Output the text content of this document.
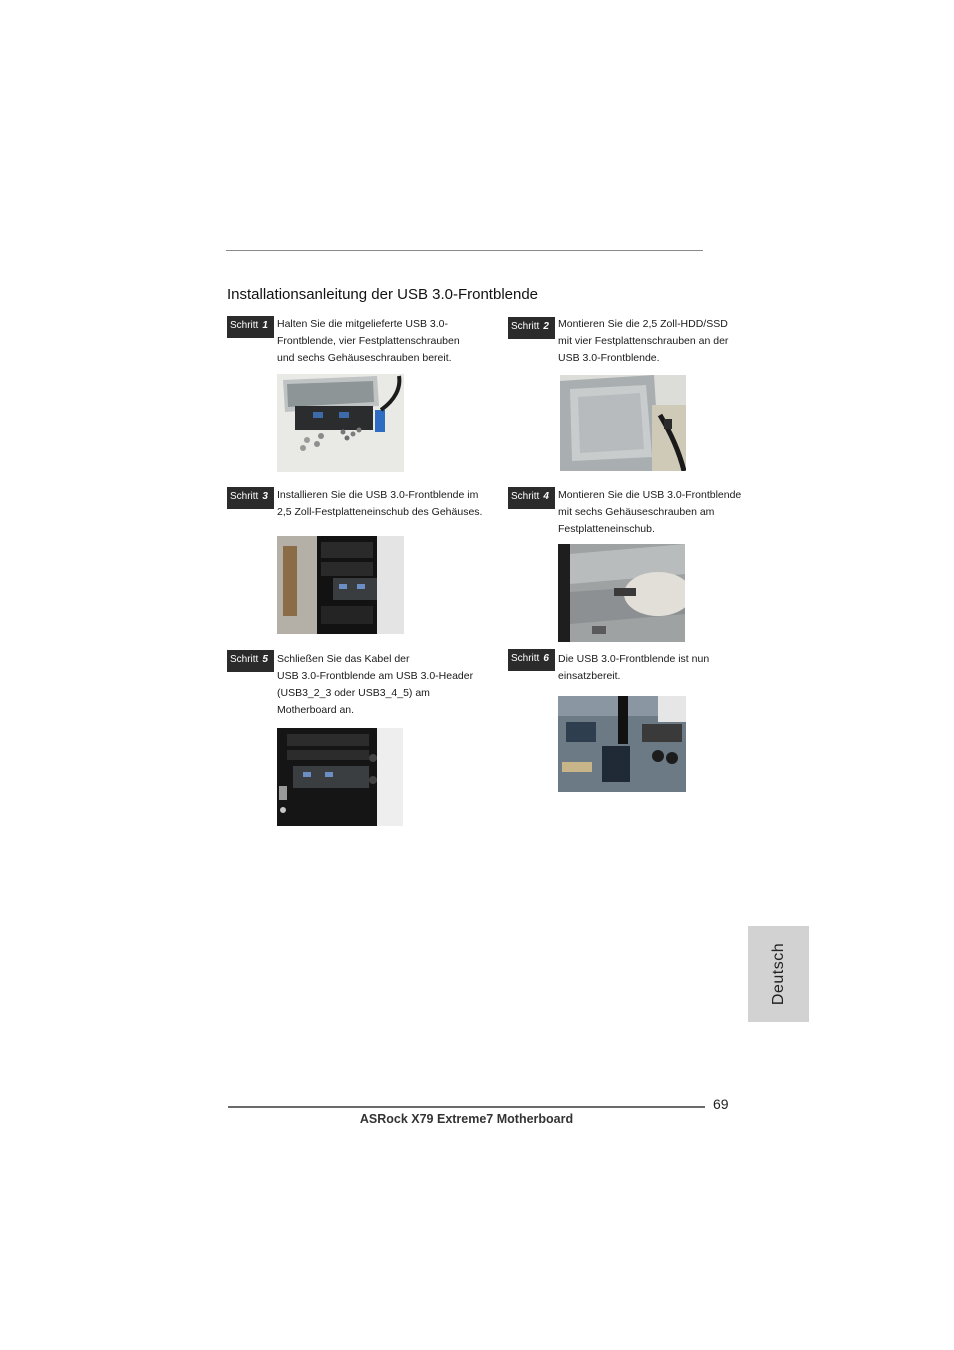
Installationsanleitung der USB 3.0-Frontblende
Schritt 1 Halten Sie die mitgelieferte USB 3.0-

Frontblende, vier Festplattenschrauben

und sechs Gehäuseschrauben bereit.

Schritt 2 Montieren Sie die 2,5 Zoll-HDD/SSD

mit vier Festplattenschrauben an der

USB 3.0-Frontblende.

Schritt 3 Installieren Sie die USB 3.0-Frontblende im

2,5 Zoll-Festplatteneinschub des Gehäuses.

Schritt 4 Montieren Sie die USB 3.0-Frontblende

mit sechs Gehäuseschrauben am

Festplatteneinschub.

Schritt 5 Schließen Sie das Kabel der

USB 3.0-Frontblende am USB 3.0-Header

(USB3_2_3 oder USB3_4_5) am

Motherboard an.

Schritt 6 Die USB 3.0-Frontblende ist nun

einsatzbereit.

Deutsch
69
ASRock X79 Extreme7 Motherboard
